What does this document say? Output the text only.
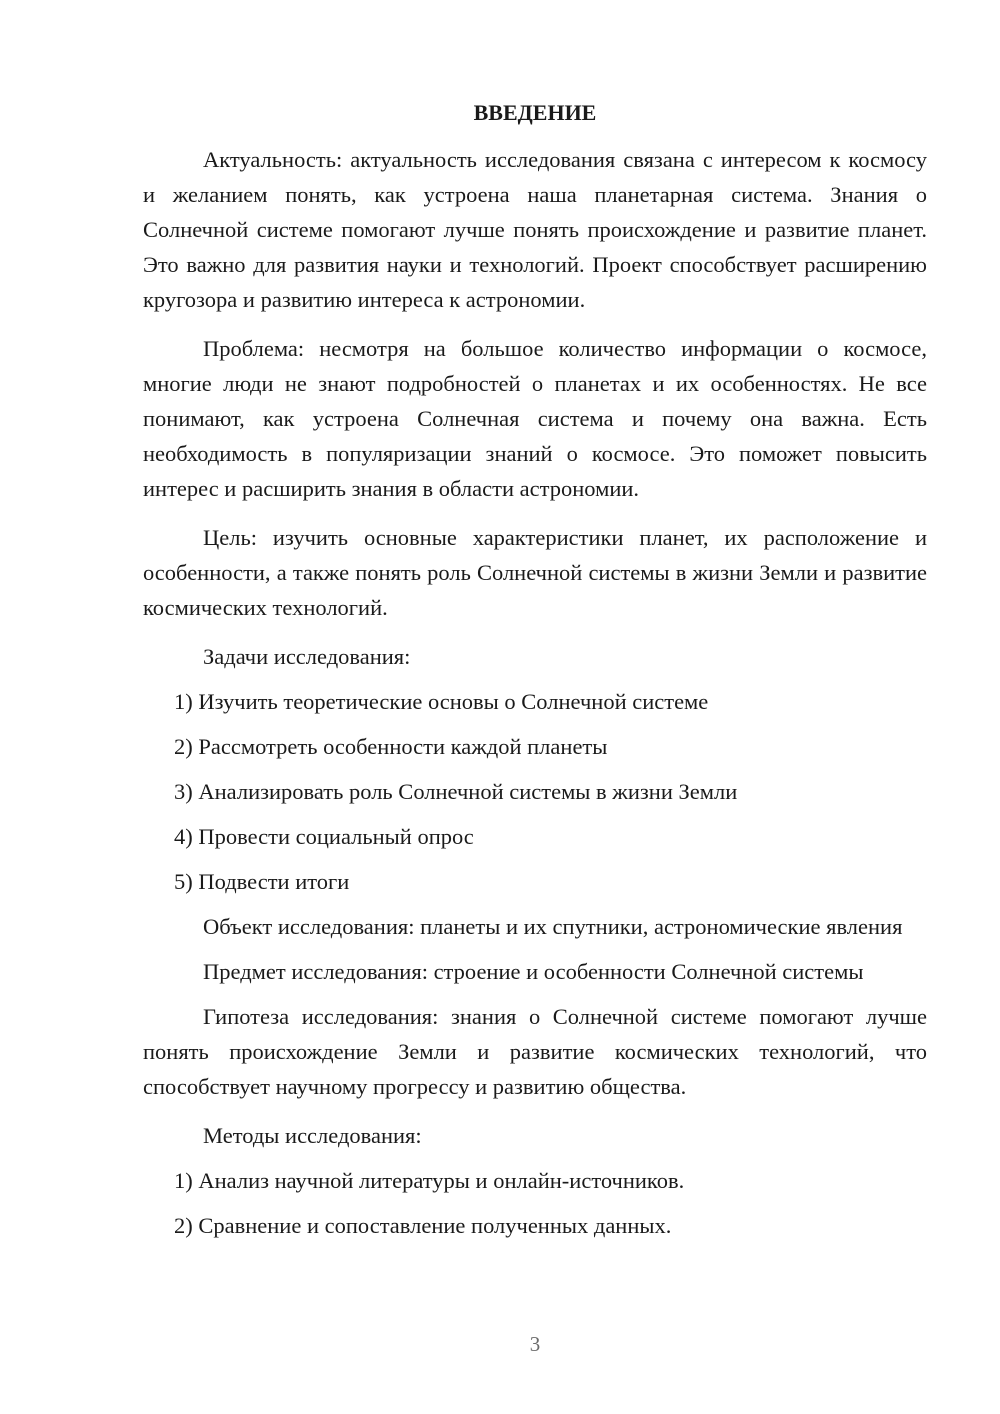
ВВЕДЕНИЕ

Актуальность: актуальность исследования связана с интересом к космосу и желанием понять, как устроена наша планетарная система. Знания о Солнечной системе помогают лучше понять происхождение и развитие планет. Это важно для развития науки и технологий. Проект способствует расширению кругозора и развитию интереса к астрономии.

Проблема: несмотря на большое количество информации о космосе, многие люди не знают подробностей о планетах и их особенностях. Не все понимают, как устроена Солнечная система и почему она важна. Есть необходимость в популяризации знаний о космосе. Это поможет повысить интерес и расширить знания в области астрономии.

Цель: изучить основные характеристики планет, их расположение и особенности, а также понять роль Солнечной системы в жизни Земли и развитие космических технологий.

Задачи исследования:
1) Изучить теоретические основы о Солнечной системе
2) Рассмотреть особенности каждой планеты
3) Анализировать роль Солнечной системы в жизни Земли
4) Провести социальный опрос
5) Подвести итоги

Объект исследования: планеты и их спутники, астрономические явления

Предмет исследования: строение и особенности Солнечной системы

Гипотеза исследования: знания о Солнечной системе помогают лучше понять происхождение Земли и развитие космических технологий, что способствует научному прогрессу и развитию общества.

Методы исследования:
1) Анализ научной литературы и онлайн-источников.
2) Сравнение и сопоставление полученных данных.
3
